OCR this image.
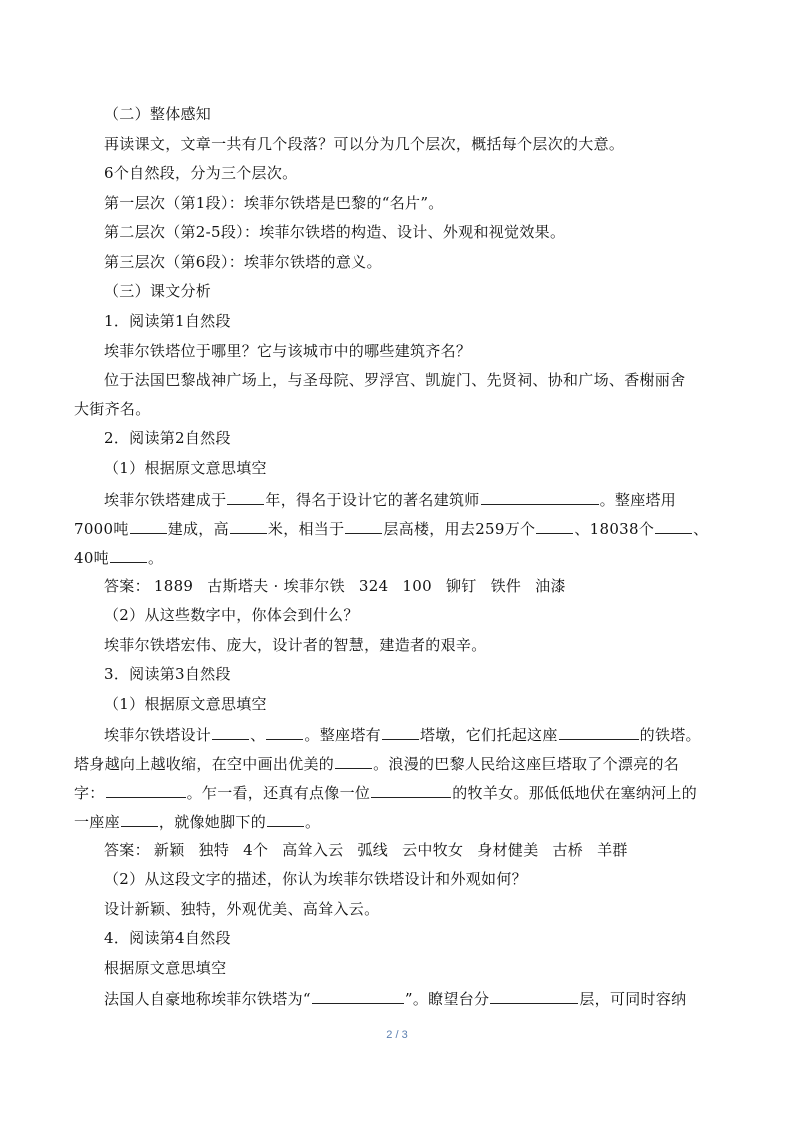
（二）整体感知
再读课文，文章一共有几个段落？可以分为几个层次，概括每个层次的大意。
6个自然段，分为三个层次。
第一层次（第1段）：埃菲尔铁塔是巴黎的“名片”。
第二层次（第2-5段）：埃菲尔铁塔的构造、设计、外观和视觉效果。
第三层次（第6段）：埃菲尔铁塔的意义。
（三）课文分析
1．阅读第1自然段
埃菲尔铁塔位于哪里？它与该城市中的哪些建筑齐名？
位于法国巴黎战神广场上，与圣母院、罗浮宫、凯旋门、先贤祠、协和广场、香榭丽舍
大街齐名。
2．阅读第2自然段
（1）根据原文意思填空
埃菲尔铁塔建成于	年，得名于设计它的著名建筑师	。整座塔用
7000吨	建成，高	米，相当于	层高楼，用去259万个	、18038个	、
40吨	。
答案： 1889 古斯塔夫 · 埃菲尔铁 324 100 铆钉 铁件 油漆
（2）从这些数字中，你体会到什么？
埃菲尔铁塔宏伟、庞大，设计者的智慧，建造者的艰辛。
3．阅读第3自然段
（1）根据原文意思填空
埃菲尔铁塔设计	、	。整座塔有	塔墩，它们托起这座	的铁塔。
塔身越向上越收缩，在空中画出优美的	。浪漫的巴黎人民给这座巨塔取了个漂亮的名
字：	。乍一看，还真有点像一位	的牧羊女。那低低地伏在塞纳河上的
一座座	，就像她脚下的	。
答案： 新颖 独特 4个 高耸入云 弧线 云中牧女 身材健美 古桥 羊群
（2）从这段文字的描述，你认为埃菲尔铁塔设计和外观如何？
设计新颖、独特，外观优美、高耸入云。
4．阅读第4自然段
根据原文意思填空
法国人自豪地称埃菲尔铁塔为“	”。瞭望台分	层，可同时容纳
2 / 3
